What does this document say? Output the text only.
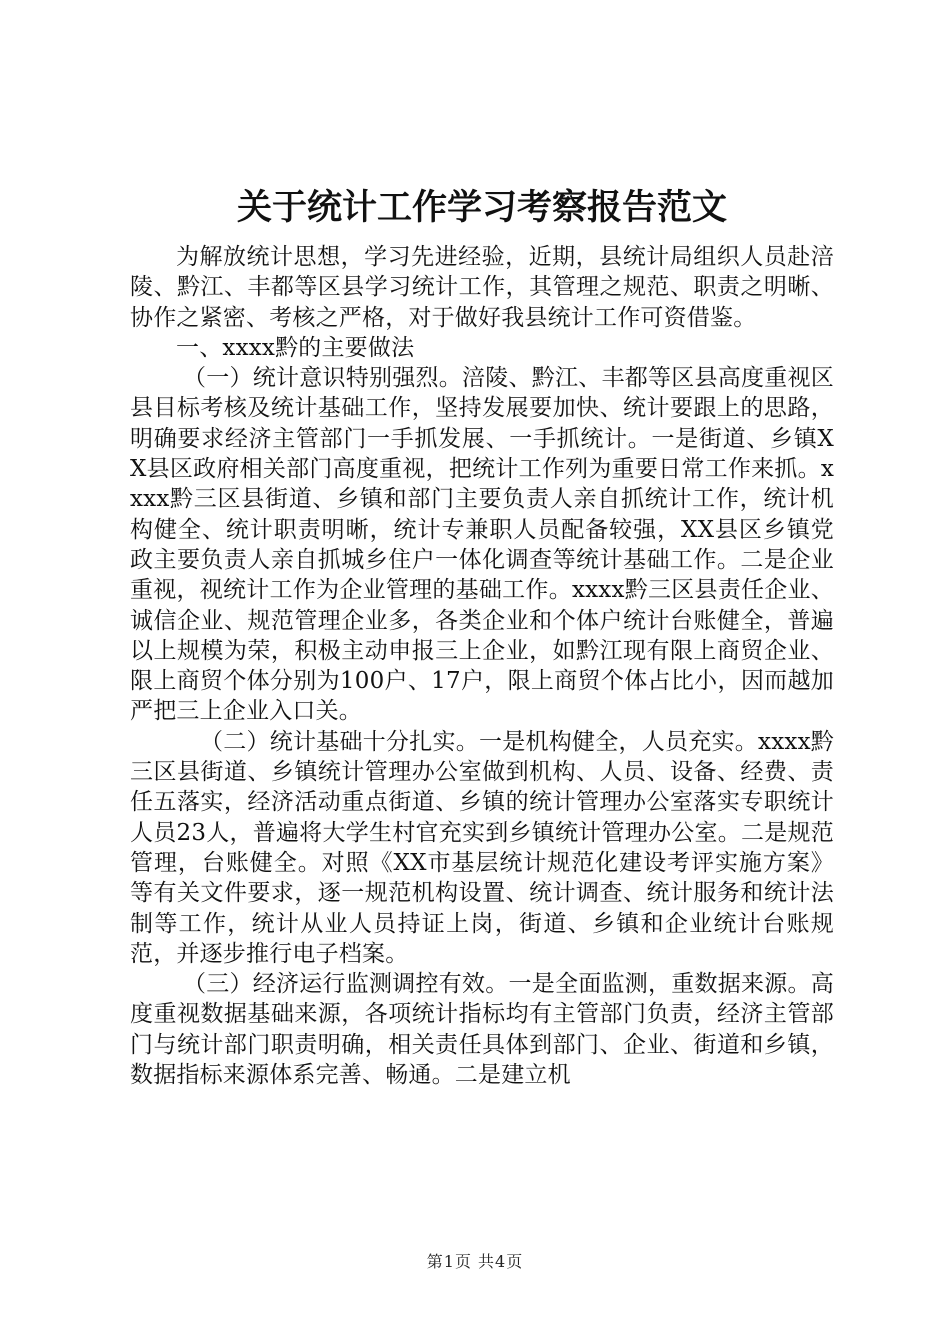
关于统计工作学习考察报告范文

为解放统计思想，学习先进经验，近期，县统计局组织人员赴涪陵、黔江、丰都等区县学习统计工作，其管理之规范、职责之明晰、协作之紧密、考核之严格，对于做好我县统计工作可资借鉴。

一、xxxx黔的主要做法

（一）统计意识特别强烈。涪陵、黔江、丰都等区县高度重视区县目标考核及统计基础工作，坚持发展要加快、统计要跟上的思路，明确要求经济主管部门一手抓发展、一手抓统计。一是街道、乡镇XX县区政府相关部门高度重视，把统计工作列为重要日常工作来抓。xxxx黔三区县街道、乡镇和部门主要负责人亲自抓统计工作，统计机构健全、统计职责明晰，统计专兼职人员配备较强，XX县区乡镇党政主要负责人亲自抓城乡住户一体化调查等统计基础工作。二是企业重视，视统计工作为企业管理的基础工作。xxxx黔三区县责任企业、诚信企业、规范管理企业多，各类企业和个体户统计台账健全，普遍以上规模为荣，积极主动申报三上企业，如黔江现有限上商贸企业、限上商贸个体分别为100户、17户，限上商贸个体占比小，因而越加严把三上企业入口关。

（二）统计基础十分扎实。一是机构健全，人员充实。xxxx黔三区县街道、乡镇统计管理办公室做到机构、人员、设备、经费、责任五落实，经济活动重点街道、乡镇的统计管理办公室落实专职统计人员23人，普遍将大学生村官充实到乡镇统计管理办公室。二是规范管理，台账健全。对照《XX市基层统计规范化建设考评实施方案》等有关文件要求，逐一规范机构设置、统计调查、统计服务和统计法制等工作，统计从业人员持证上岗，街道、乡镇和企业统计台账规范，并逐步推行电子档案。

（三）经济运行监测调控有效。一是全面监测，重数据来源。高度重视数据基础来源，各项统计指标均有主管部门负责，经济主管部门与统计部门职责明确，相关责任具体到部门、企业、街道和乡镇，数据指标来源体系完善、畅通。二是建立机

第1页 共4页
